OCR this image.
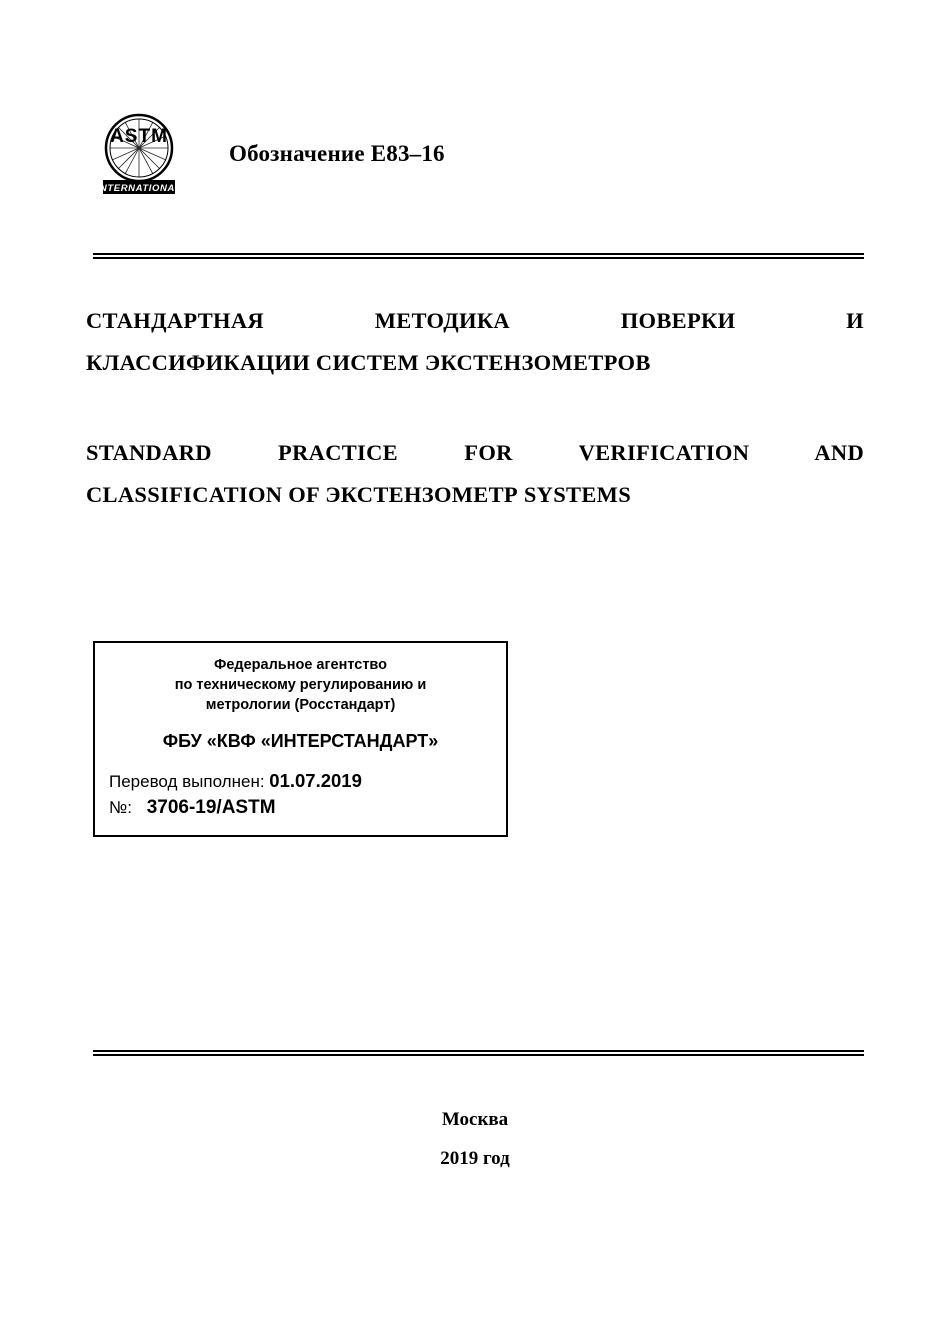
ASTM
INTERNATIONAL
Обозначение E83–16
СТАНДАРТНАЯ МЕТОДИКА ПОВЕРКИ И
КЛАССИФИКАЦИИ СИСТЕМ ЭКСТЕНЗОМЕТРОВ
STANDARD PRACTICE FOR VERIFICATION AND
CLASSIFICATION OF ЭКСТЕНЗОМЕТР SYSTEMS
Федеральное агентство
по техническому регулированию и
метрологии (Росстандарт)
ФБУ «КВФ «ИНТЕРСТАНДАРТ»
Перевод выполнен: 01.07.2019
№: 3706-19/ASTM
Москва
2019 год
